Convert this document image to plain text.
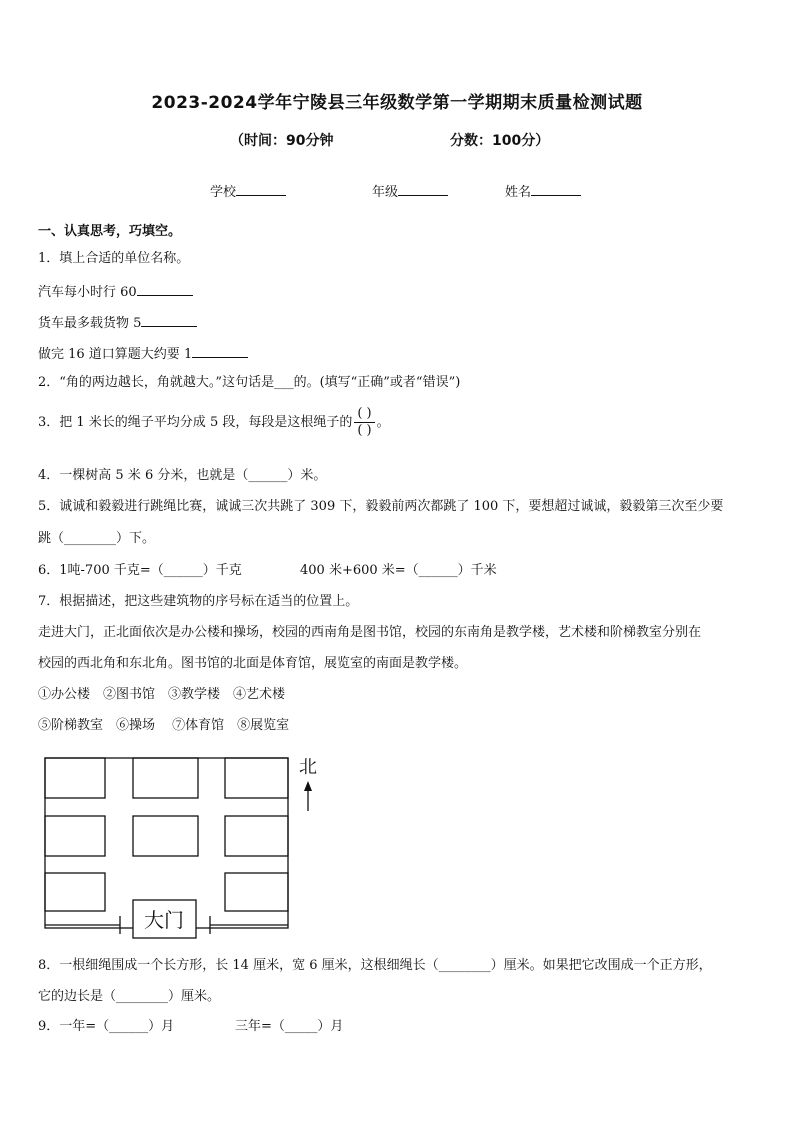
2023-2024学年宁陵县三年级数学第一学期期末质量检测试题
（时间：90分钟	分数：100分）
学校	年级	姓名
一、认真思考，巧填空。
1．填上合适的单位名称。
汽车每小时行 60
货车最多载货物 5
做完 16 道口算题大约要 1
2．“角的两边越长，角就越大。”这句话是___的。(填写“正确”或者“错误”)
3．把 1 米长的绳子平均分成 5 段，每段是这根绳子的 $\frac{( )}{( )}$ 。
4．一棵树高 5 米 6 分米，也就是（______）米。
5．诚诚和毅毅进行跳绳比赛，诚诚三次共跳了 309 下，毅毅前两次都跳了 100 下，要想超过诚诚，毅毅第三次至少要
跳（________）下。
6．1吨-700 千克=（______）千克	400 米+600 米=（______）千米
7．根据描述，把这些建筑物的序号标在适当的位置上。
走进大门，正北面依次是办公楼和操场，校园的西南角是图书馆，校园的东南角是教学楼，艺术楼和阶梯教室分别在
校园的西北角和东北角。图书馆的北面是体育馆，展览室的南面是教学楼。
①办公楼　②图书馆　③教学楼　④艺术楼
⑤阶梯教室　⑥操场　 ⑦体育馆　⑧展览室
大门
北
8．一根细绳围成一个长方形，长 14 厘米，宽 6 厘米，这根细绳长（________）厘米。如果把它改围成一个正方形，
它的边长是（________）厘米。
9．一年=（______）月	三年=（_____）月
